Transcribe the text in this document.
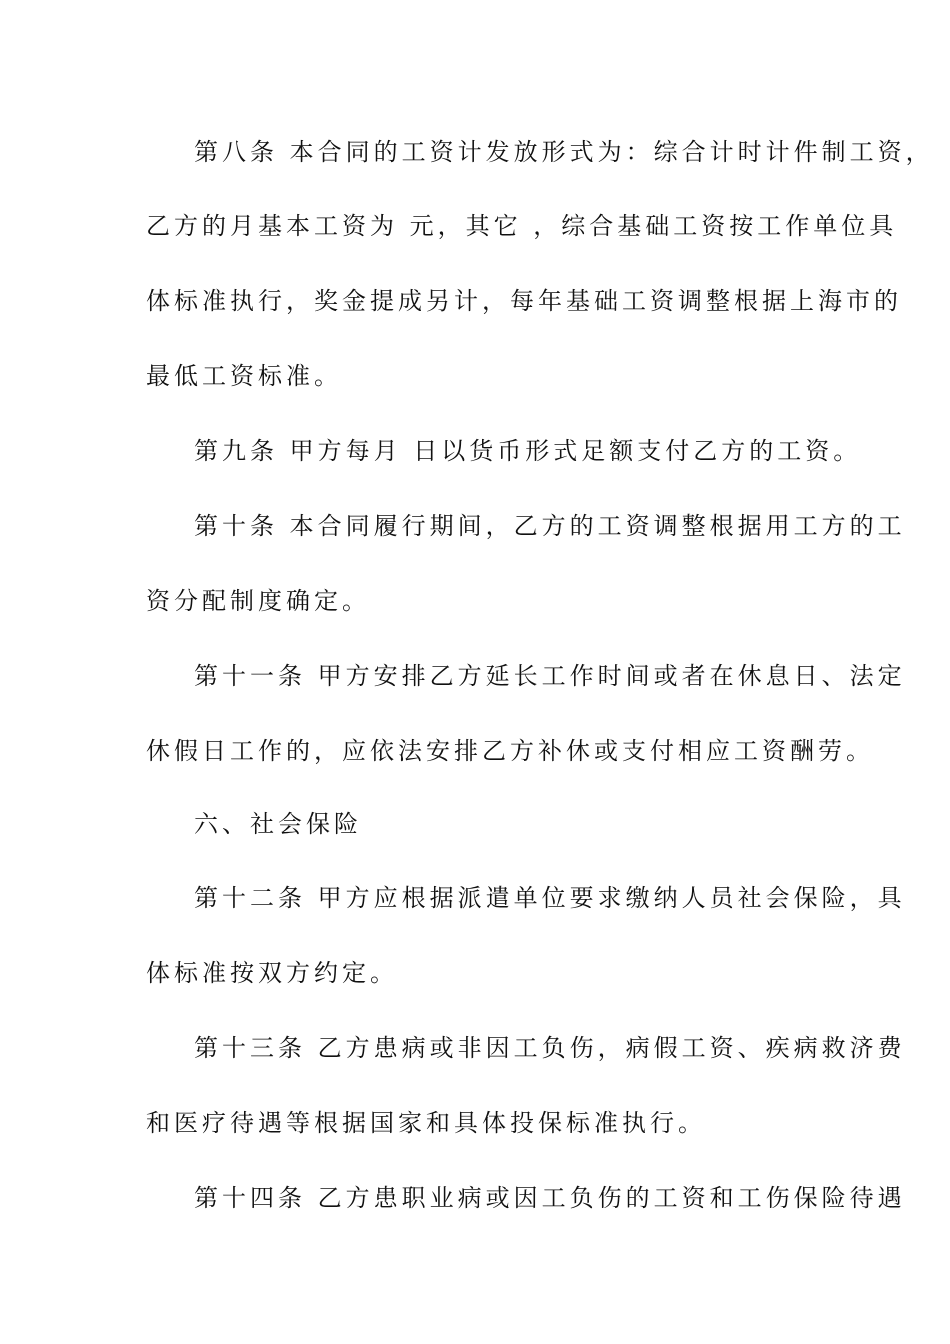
第八条 本合同的工资计发放形式为：综合计时计件制工资，
乙方的月基本工资为 元，其它 ，综合基础工资按工作单位具
体标准执行，奖金提成另计，每年基础工资调整根据上海市的
最低工资标准。
第九条 甲方每月 日以货币形式足额支付乙方的工资。
第十条 本合同履行期间，乙方的工资调整根据用工方的工
资分配制度确定。
第十一条 甲方安排乙方延长工作时间或者在休息日、法定
休假日工作的，应依法安排乙方补休或支付相应工资酬劳。
六、社会保险
第十二条 甲方应根据派遣单位要求缴纳人员社会保险，具
体标准按双方约定。
第十三条 乙方患病或非因工负伤，病假工资、疾病救济费
和医疗待遇等根据国家和具体投保标准执行。
第十四条 乙方患职业病或因工负伤的工资和工伤保险待遇
